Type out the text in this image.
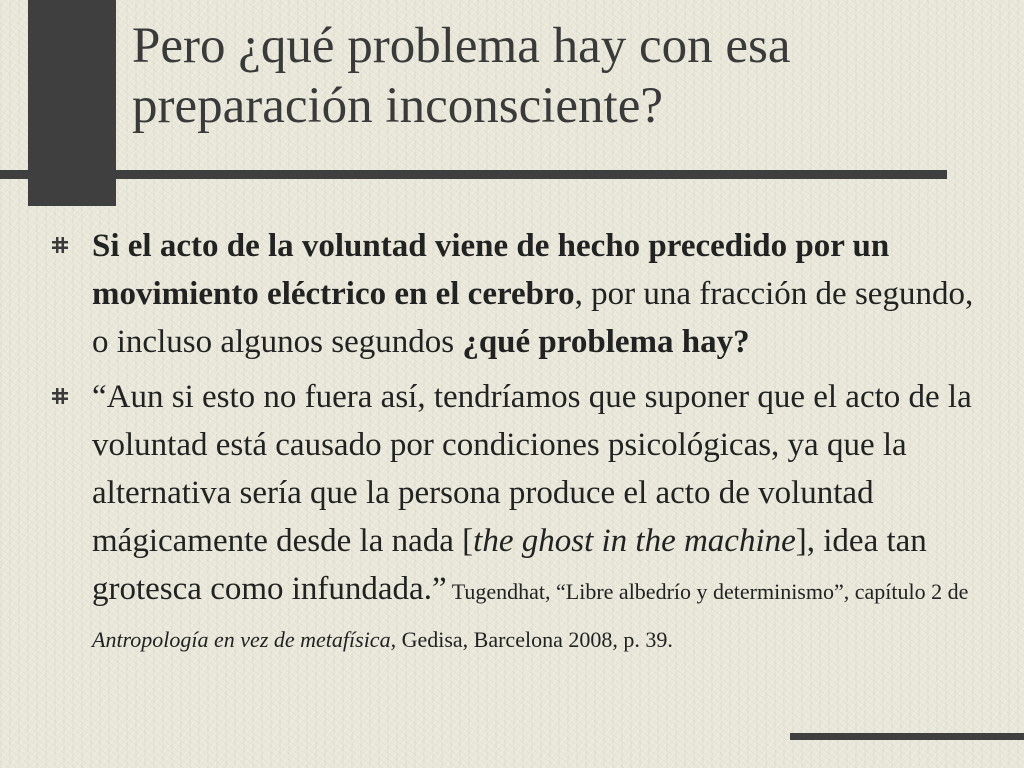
Pero ¿qué problema hay con esa
preparación inconsciente?
Si el acto de la voluntad viene de hecho precedido por un movimiento eléctrico en el cerebro, por una fracción de segundo, o incluso algunos segundos ¿qué problema hay?
“Aun si esto no fuera así, tendríamos que suponer que el acto de la voluntad está causado por condiciones psicológicas, ya que la alternativa sería que la persona produce el acto de voluntad mágicamente desde la nada [the ghost in the machine], idea tan grotesca como infundada.” Tugendhat, “Libre albedrío y determinismo”, capítulo 2 de Antropología en vez de metafísica, Gedisa, Barcelona 2008, p. 39.
